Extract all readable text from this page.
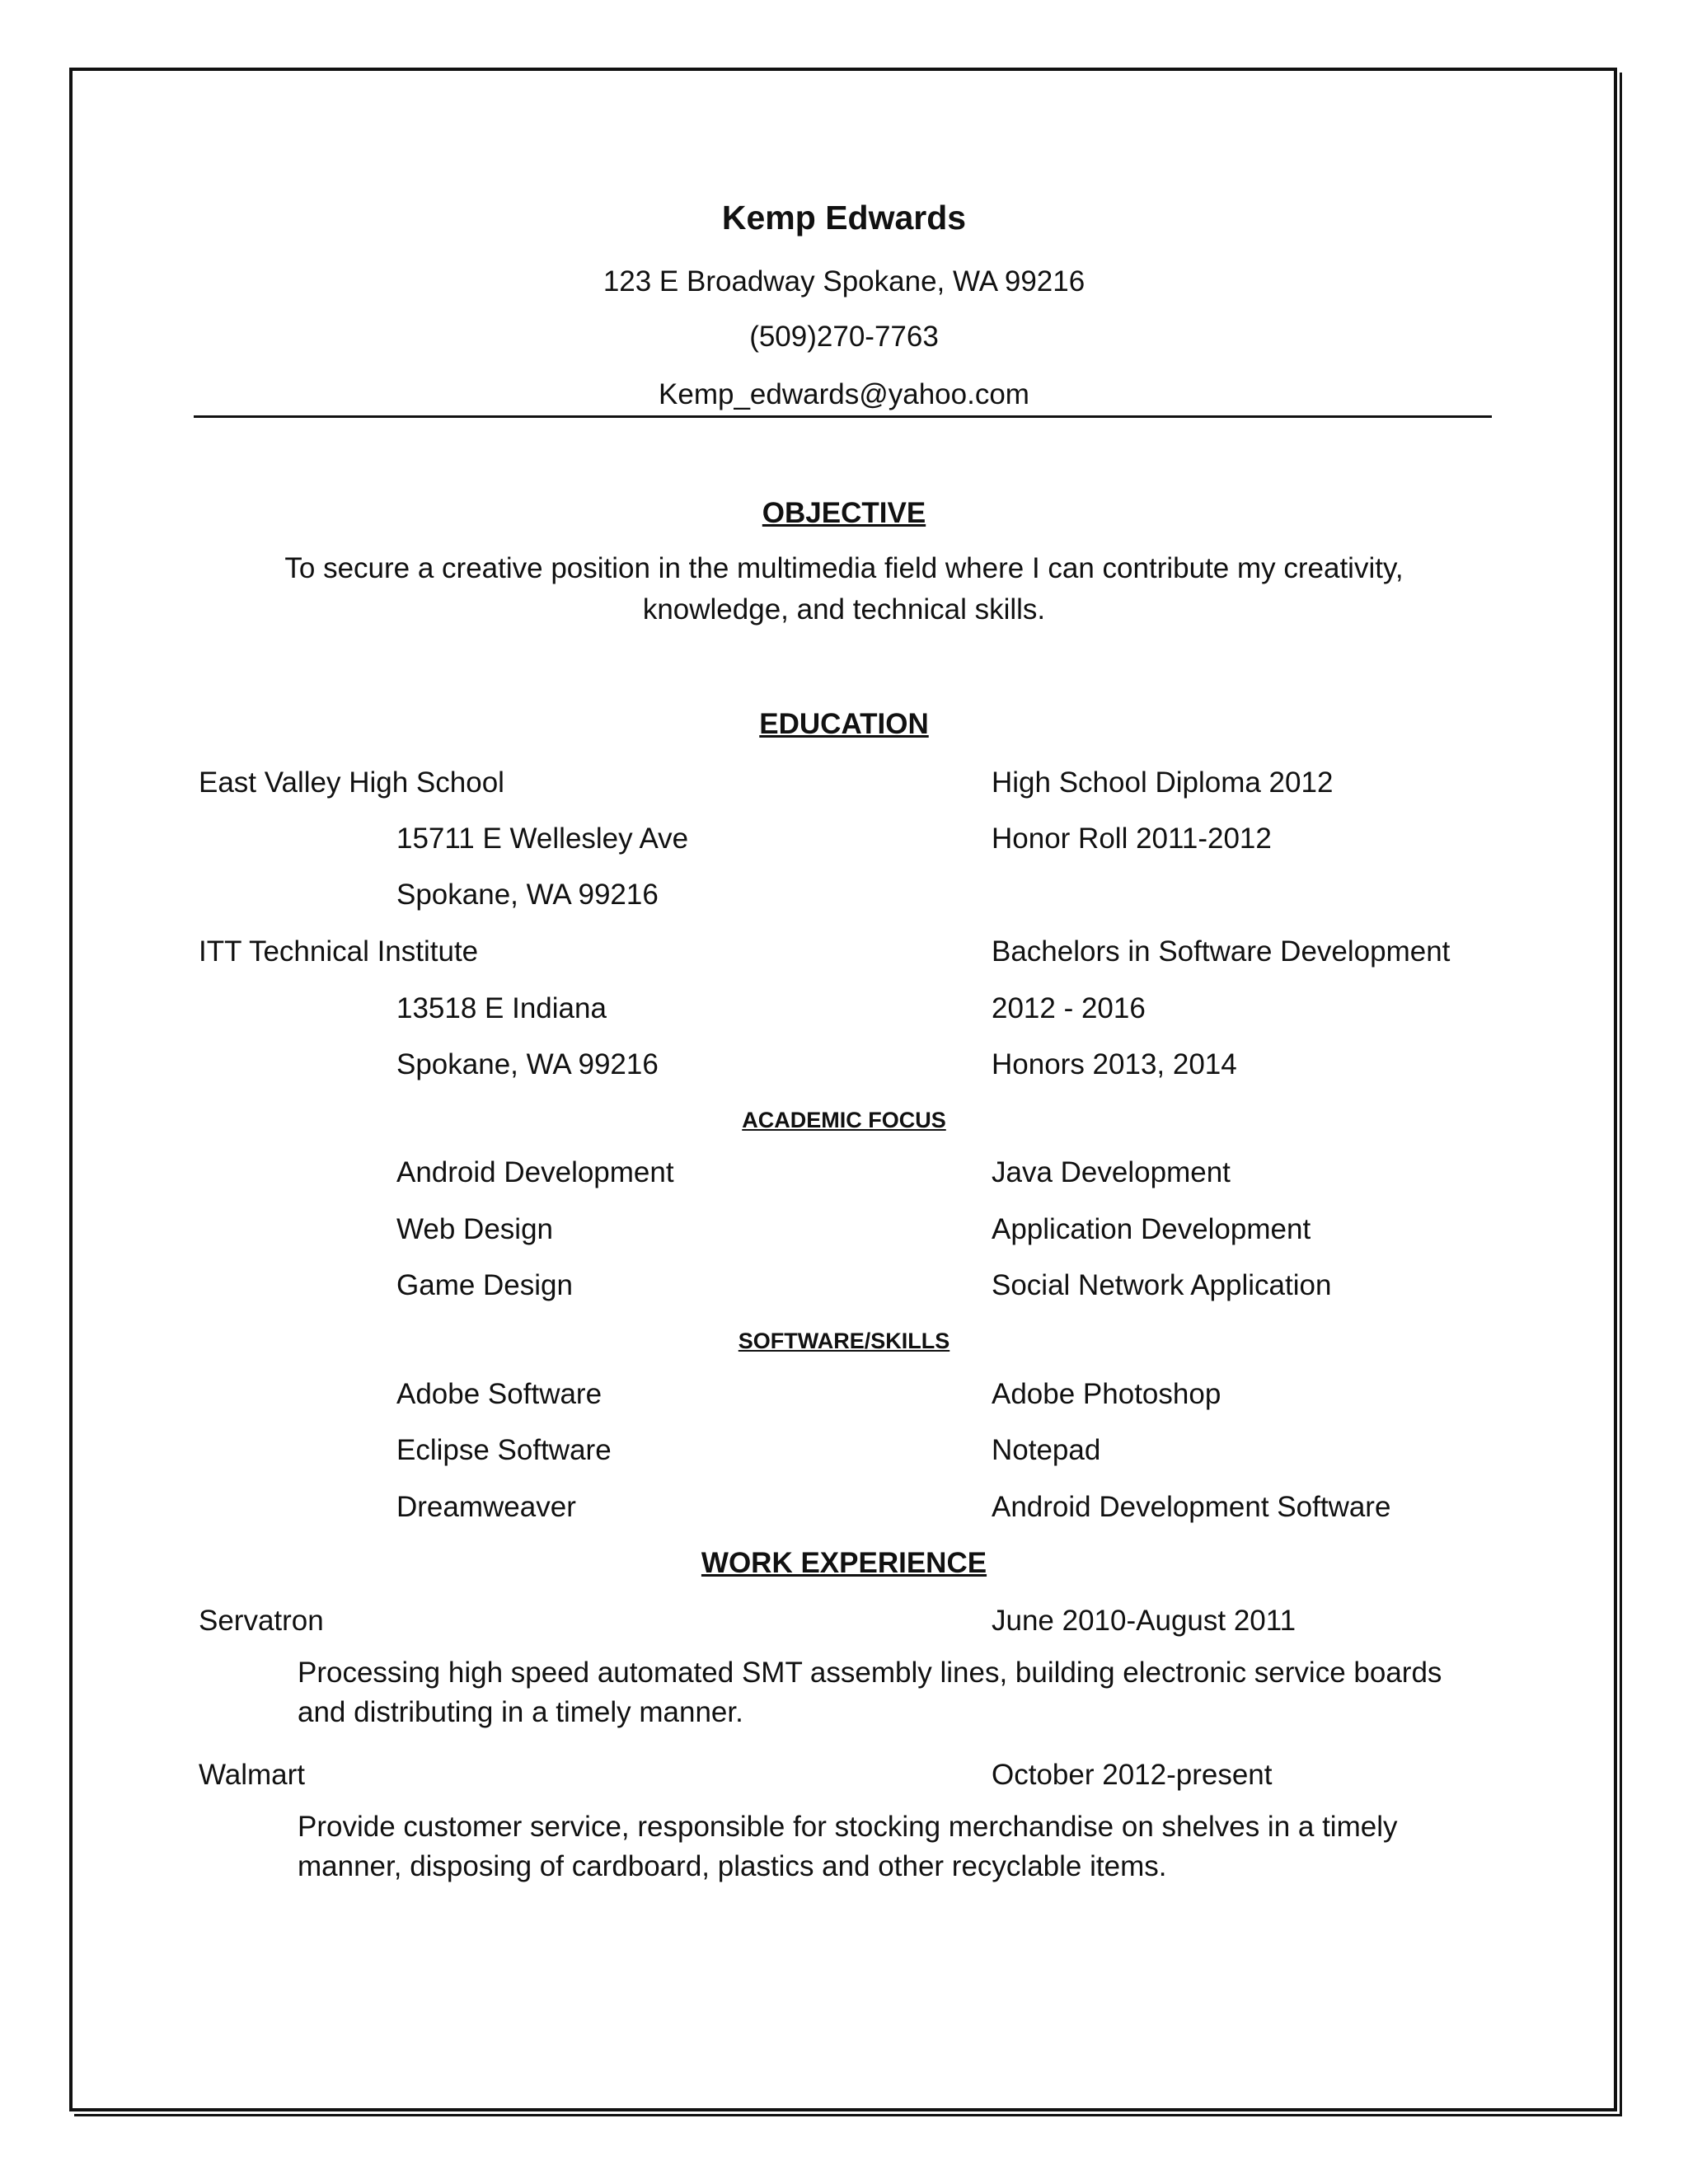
Kemp Edwards
123 E Broadway Spokane, WA 99216
(509)270-7763
Kemp_edwards@yahoo.com
OBJECTIVE
To secure a creative position in the multimedia field where I can contribute my creativity,
knowledge, and technical skills.
EDUCATION
East Valley High School	High School Diploma 2012
15711 E Wellesley Ave	Honor Roll 2011-2012
Spokane, WA 99216
ITT Technical Institute	Bachelors in Software Development
13518 E Indiana	2012 - 2016
Spokane, WA 99216	Honors 2013, 2014
ACADEMIC FOCUS
Android Development	Java Development
Web Design	Application Development
Game Design	Social Network Application
SOFTWARE/SKILLS
Adobe Software	Adobe Photoshop
Eclipse Software	Notepad
Dreamweaver	Android Development Software
WORK EXPERIENCE
Servatron	June 2010-August 2011
Processing high speed automated SMT assembly lines, building electronic service boards and distributing in a timely manner.
Walmart	October 2012-present
Provide customer service, responsible for stocking merchandise on shelves in a timely manner, disposing of cardboard, plastics and other recyclable items.
